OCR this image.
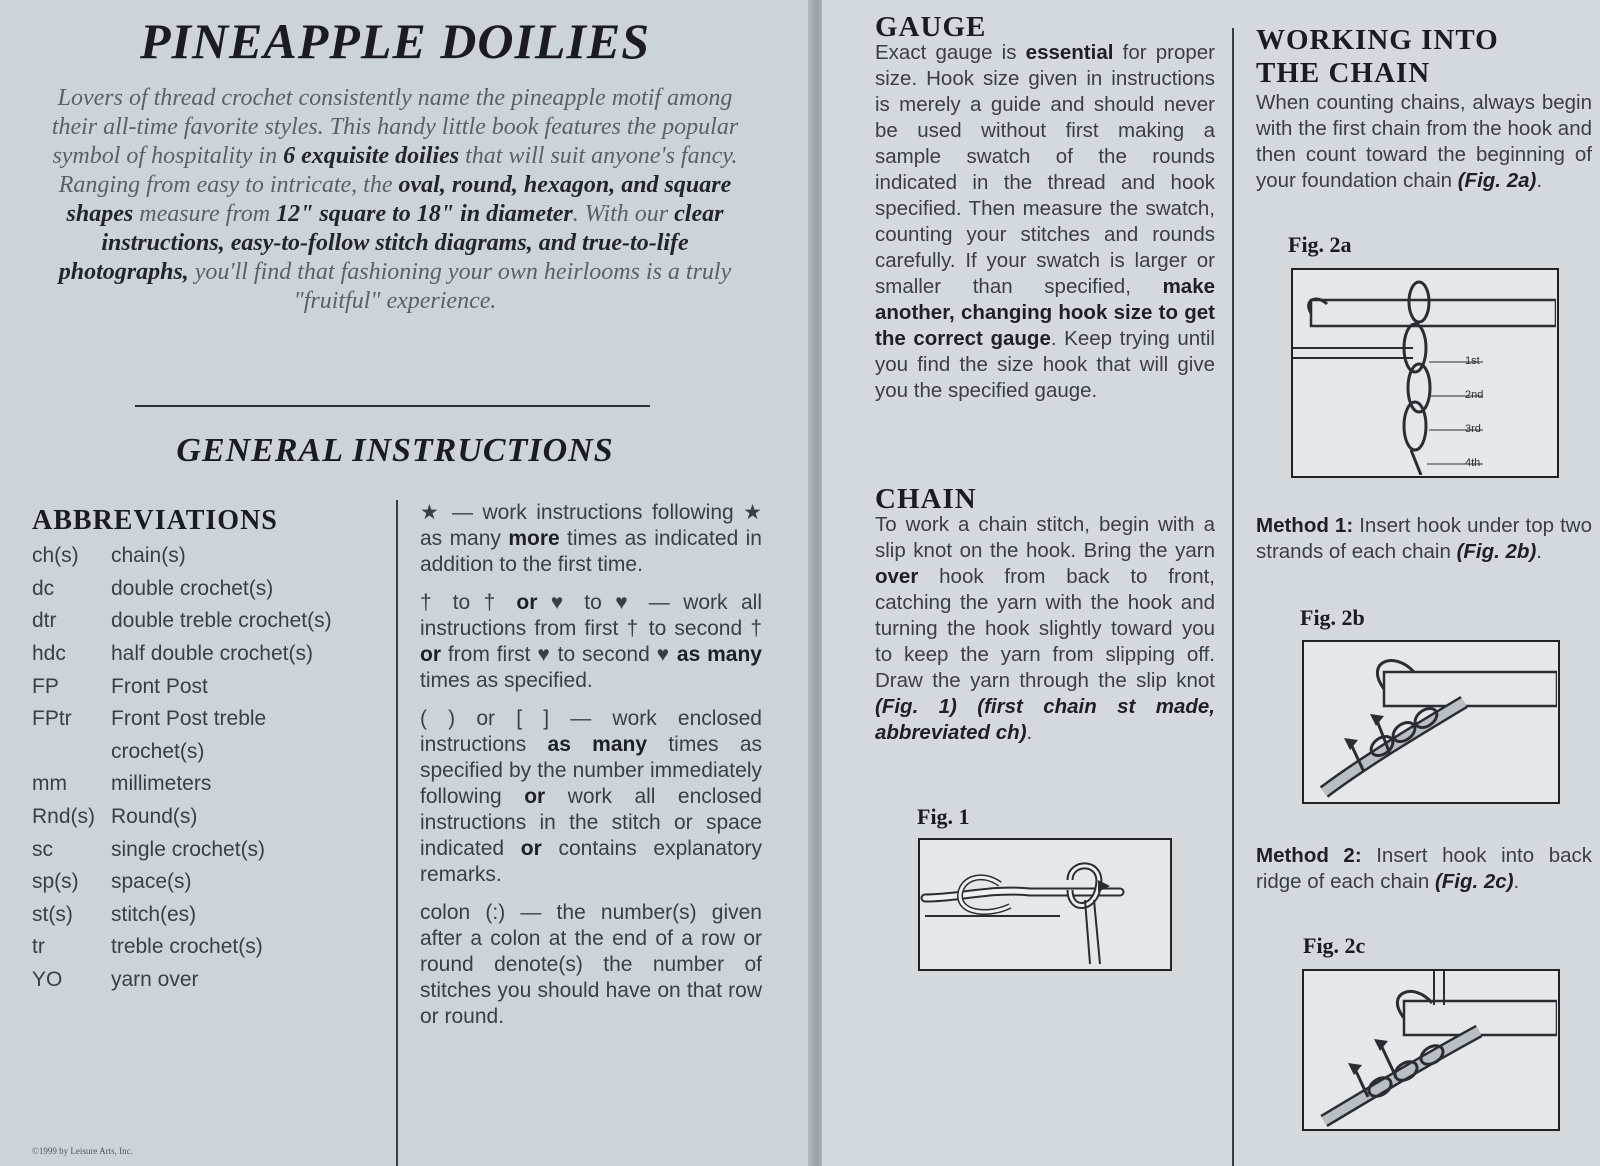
PINEAPPLE DOILIES
Lovers of thread crochet consistently name the pineapple motif among their all-time favorite styles. This handy little book features the popular symbol of hospitality in 6 exquisite doilies that will suit anyone's fancy. Ranging from easy to intricate, the oval, round, hexagon, and square shapes measure from 12" square to 18" in diameter. With our clear instructions, easy-to-follow stitch diagrams, and true-to-life photographs, you'll find that fashioning your own heirlooms is a truly "fruitful" experience.
GENERAL INSTRUCTIONS
ABBREVIATIONS
ch(s)	chain(s)
dc	double crochet(s)
dtr	double treble crochet(s)
hdc	half double crochet(s)
FP	Front Post
FPtr	Front Post treble
crochet(s)
mm	millimeters
Rnd(s) Round(s)
sc	single crochet(s)
sp(s)	space(s)
st(s)	stitch(es)
tr	treble crochet(s)
YO	yarn over

★ — work instructions following ★ as many more times as indicated in addition to the first time.

† to † or ♥ to ♥ — work all instructions from first † to second † or from first ♥ to second ♥ as many times as specified.

( ) or [ ] — work enclosed instructions as many times as specified by the number immediately following or work all enclosed instructions in the stitch or space indicated or contains explanatory remarks.

colon (:) — the number(s) given after a colon at the end of a row or round denote(s) the number of stitches you should have on that row or round.

©1999 by Leisure Arts, Inc.
GAUGE

Exact gauge is essential for proper size. Hook size given in instructions is merely a guide and should never be used without first making a sample swatch of the rounds indicated in the thread and hook specified. Then measure the swatch, counting your stitches and rounds carefully. If your swatch is larger or smaller than specified, make another, changing hook size to get the correct gauge. Keep trying until you find the size hook that will give you the specified gauge.

CHAIN

To work a chain stitch, begin with a slip knot on the hook. Bring the yarn over hook from back to front, catching the yarn with the hook and turning the hook slightly toward you to keep the yarn from slipping off. Draw the yarn through the slip knot (Fig. 1) (first chain st made, abbreviated ch).

Fig. 1
WORKING INTO
THE CHAIN

When counting chains, always begin with the first chain from the hook and then count toward the beginning of your foundation chain (Fig. 2a).

Fig. 2a
1st
2nd
3rd
4th

Method 1: Insert hook under top two strands of each chain (Fig. 2b).

Fig. 2b

Method 2: Insert hook into back ridge of each chain (Fig. 2c).

Fig. 2c
